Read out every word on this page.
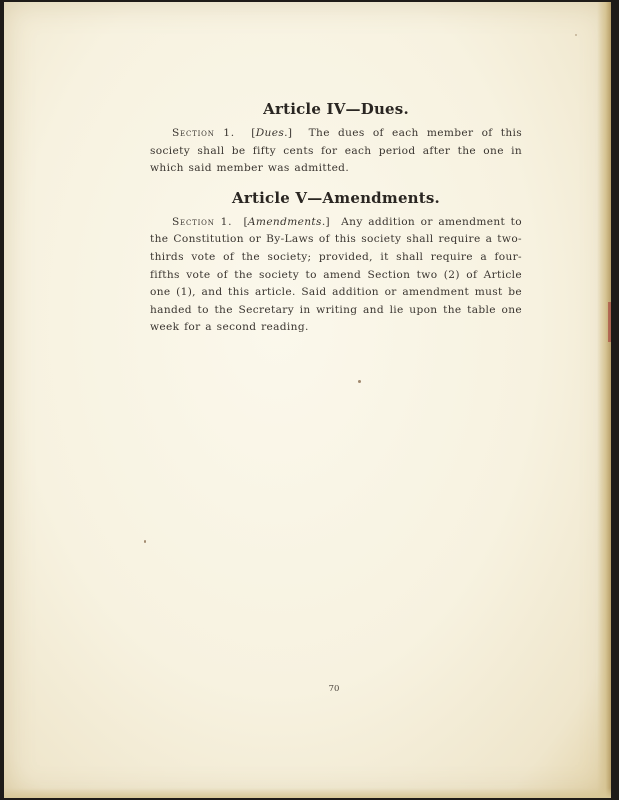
Article IV—Dues.

Section 1. [Dues.] The dues of each member of this society shall be fifty cents for each period after the one in which said member was admitted.

Article V—Amendments.

Section 1. [Amendments.] Any addition or amendment to the Constitution or By-Laws of this society shall require a two-thirds vote of the society; provided, it shall require a four-fifths vote of the society to amend Section two (2) of Article one (1), and this article. Said addition or amendment must be handed to the Secretary in writing and lie upon the table one week for a second reading.

70
